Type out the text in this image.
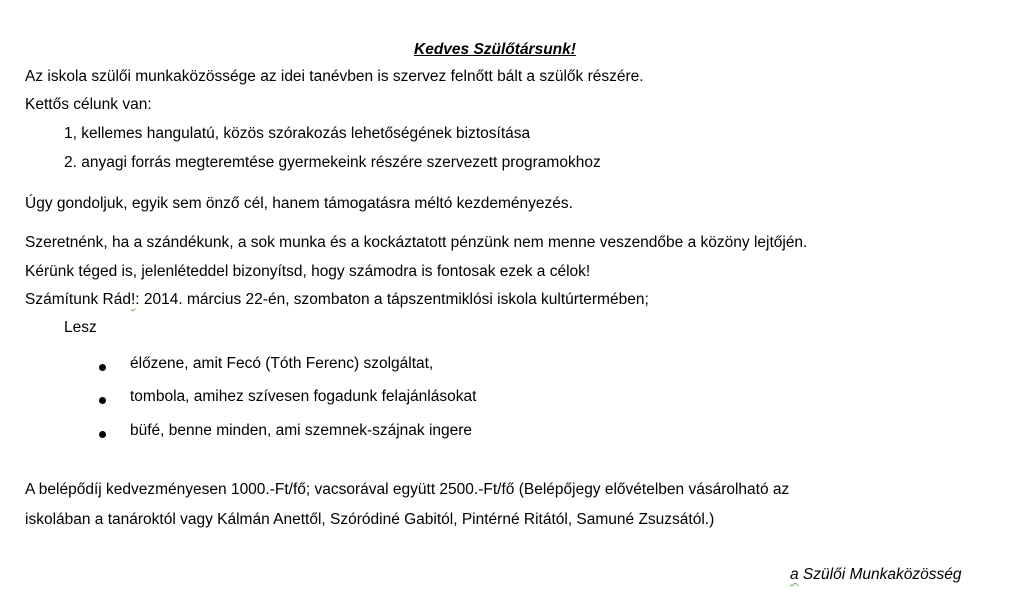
Kedves Szülőtársunk!
Az iskola szülői munkaközössége az idei tanévben is szervez felnőtt bált a szülők részére.
Kettős célunk van:
1, kellemes hangulatú, közös szórakozás lehetőségének biztosítása
2. anyagi forrás megteremtése gyermekeink részére szervezett programokhoz
Úgy gondoljuk, egyik sem önző cél, hanem támogatásra méltó kezdeményezés.
Szeretnénk, ha a szándékunk, a sok munka és a kockáztatott pénzünk nem menne veszendőbe a közöny lejtőjén.
Kérünk téged is, jelenléteddel bizonyítsd, hogy számodra is fontosak ezek a célok!
Számítunk Rád!: 2014. március 22-én, szombaton a tápszentmiklósi iskola kultúrtermében;
Lesz
élőzene, amit Fecó (Tóth Ferenc) szolgáltat,
tombola, amihez szívesen fogadunk felajánlásokat
büfé, benne minden, ami szemnek-szájnak ingere
A belépődíj kedvezményesen 1000.-Ft/fő; vacsorával együtt 2500.-Ft/fő (Belépőjegy elővételben vásárolható az
iskolában a tanároktól vagy Kálmán Anettől, Szóródiné Gabitól, Pintérné Ritától, Samuné Zsuzsától.)
a Szülői Munkaközösség
